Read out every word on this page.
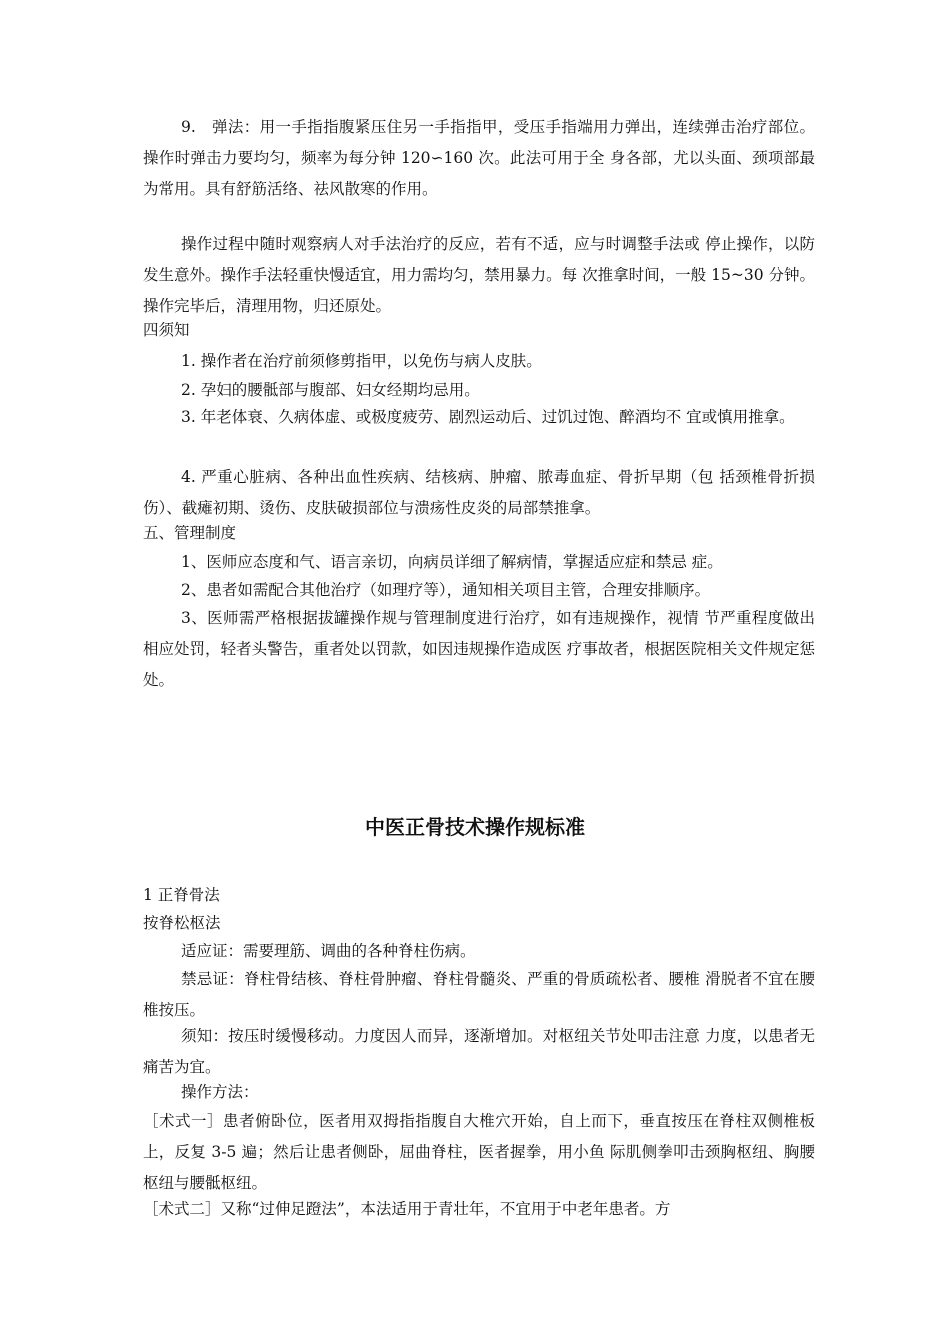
9.　弹法：用一手指指腹紧压住另一手指指甲，受压手指端用力弹出，连续弹击治疗部位。操作时弹击力要均匀，频率为每分钟 120∽160 次。此法可用于全 身各部，尤以头面、颈项部最为常用。具有舒筋活络、祛风散寒的作用。

操作过程中随时观察病人对手法治疗的反应，若有不适，应与时调整手法或 停止操作，以防发生意外。操作手法轻重快慢适宜，用力需均匀，禁用暴力。每 次推拿时间，一般 15~30 分钟。操作完毕后，清理用物，归还原处。

四须知

1. 操作者在治疗前须修剪指甲，以免伤与病人皮肤。

2. 孕妇的腰骶部与腹部、妇女经期均忌用。

3. 年老体衰、久病体虚、或极度疲劳、剧烈运动后、过饥过饱、醉酒均不 宜或慎用推拿。

4. 严重心脏病、各种出血性疾病、结核病、肿瘤、脓毒血症、骨折早期（包 括颈椎骨折损伤）、截瘫初期、烫伤、皮肤破损部位与溃疡性皮炎的局部禁推拿。

五、管理制度

1、医师应态度和气、语言亲切，向病员详细了解病情，掌握适应症和禁忌 症。

2、患者如需配合其他治疗（如理疗等），通知相关项目主管，合理安排顺序。

3、医师需严格根据拔罐操作规与管理制度进行治疗，如有违规操作，视情 节严重程度做出相应处罚，轻者头警告，重者处以罚款，如因违规操作造成医 疗事故者，根据医院相关文件规定惩处。

中医正骨技术操作规标准

1 正脊骨法

按脊松枢法

适应证：需要理筋、调曲的各种脊柱伤病。

禁忌证：脊柱骨结核、脊柱骨肿瘤、脊柱骨髓炎、严重的骨质疏松者、腰椎 滑脱者不宜在腰椎按压。

须知：按压时缓慢移动。力度因人而异，逐渐增加。对枢纽关节处叩击注意 力度，以患者无痛苦为宜。

操作方法：

［术式一］患者俯卧位，医者用双拇指指腹自大椎穴开始，自上而下，垂直按压在脊柱双侧椎板上，反复 3-5 遍；然后让患者侧卧，屈曲脊柱，医者握拳，用小鱼 际肌侧拳叩击颈胸枢纽、胸腰枢纽与腰骶枢纽。

［术式二］又称“过伸足蹬法”，本法适用于青壮年，不宜用于中老年患者。方
